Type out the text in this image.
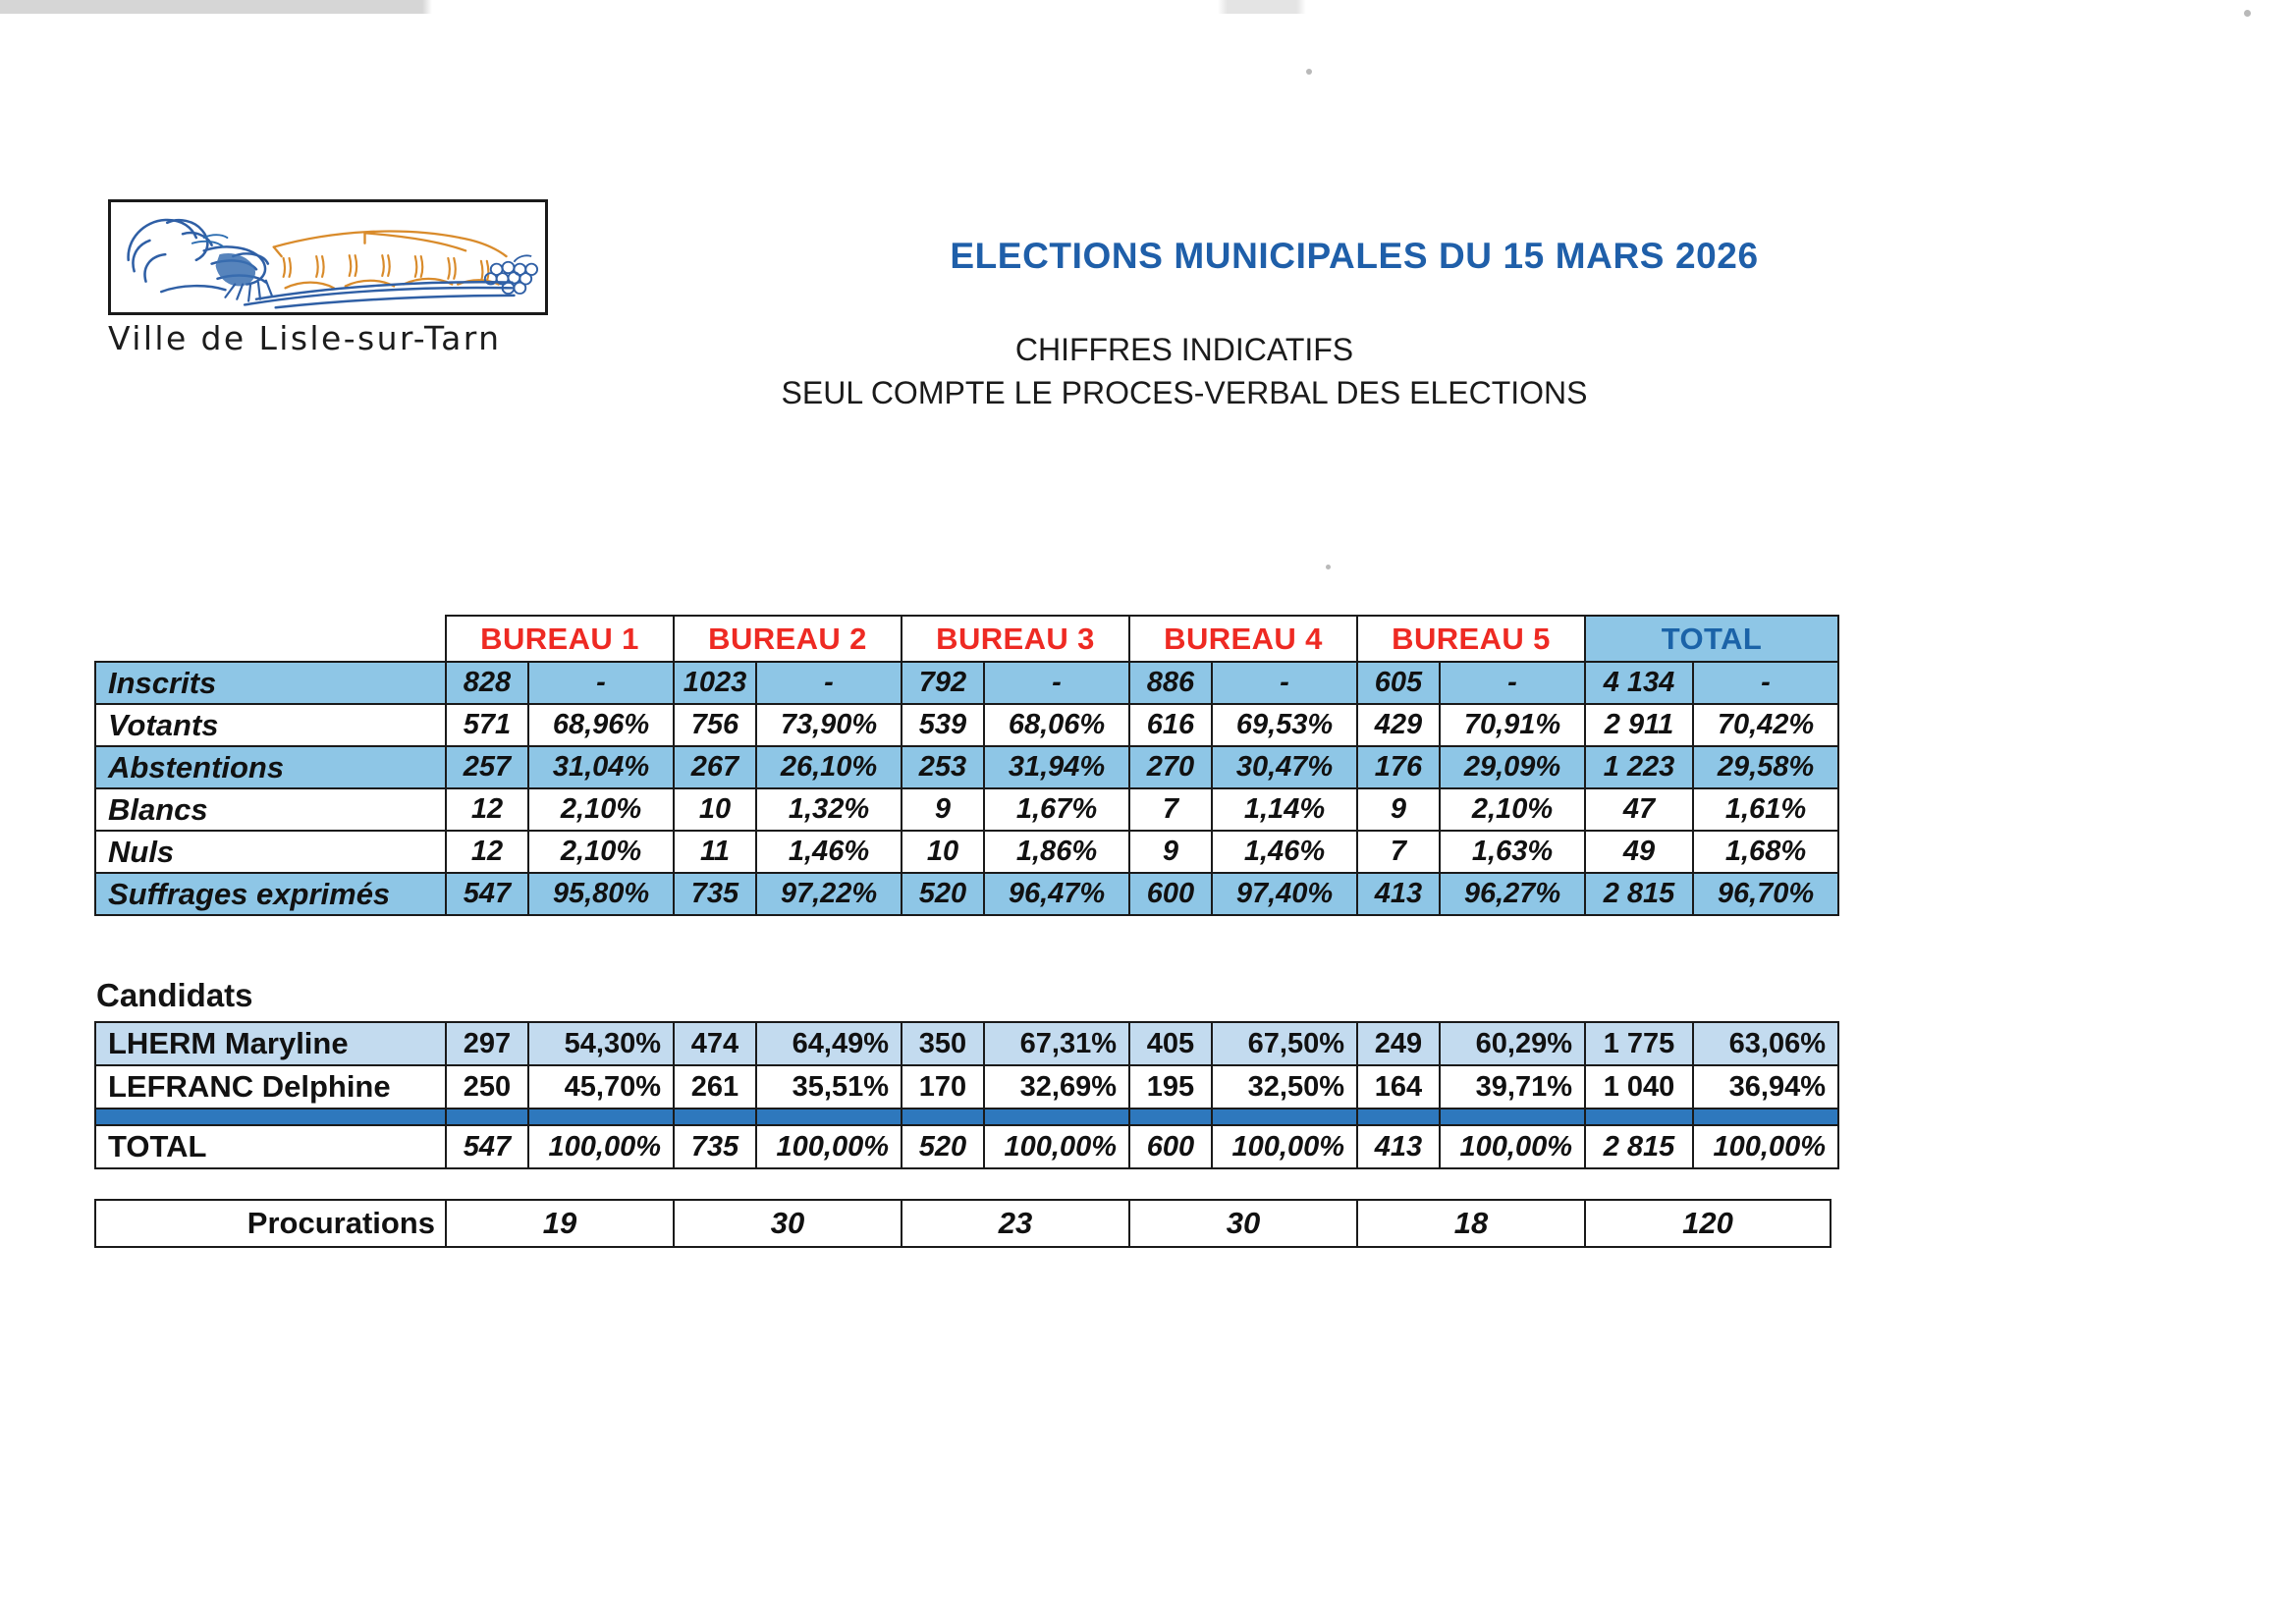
Ville de Lisle-sur-Tarn
ELECTIONS MUNICIPALES DU 15 MARS 2026
CHIFFRES INDICATIFS
SEUL COMPTE LE PROCES-VERBAL DES ELECTIONS
	BUREAU 1		BUREAU 2		BUREAU 3		BUREAU 4		BUREAU 5		TOTAL	
Inscrits	828	-	1023	-	792	-	886	-	605	-	4 134	-
Votants	571	68,96%	756	73,90%	539	68,06%	616	69,53%	429	70,91%	2 911	70,42%
Abstentions	257	31,04%	267	26,10%	253	31,94%	270	30,47%	176	29,09%	1 223	29,58%
Blancs	12	2,10%	10	1,32%	9	1,67%	7	1,14%	9	2,10%	47	1,61%
Nuls	12	2,10%	11	1,46%	10	1,86%	9	1,46%	7	1,63%	49	1,68%
Suffrages exprimés	547	95,80%	735	97,22%	520	96,47%	600	97,40%	413	96,27%	2 815	96,70%
Candidats
LHERM Maryline	297	54,30%	474	64,49%	350	67,31%	405	67,50%	249	60,29%	1 775	63,06%
LEFRANC Delphine	250	45,70%	261	35,51%	170	32,69%	195	32,50%	164	39,71%	1 040	36,94%

TOTAL	547	100,00%	735	100,00%	520	100,00%	600	100,00%	413	100,00%	2 815	100,00%
Procurations	19	30	23	30	18	120
